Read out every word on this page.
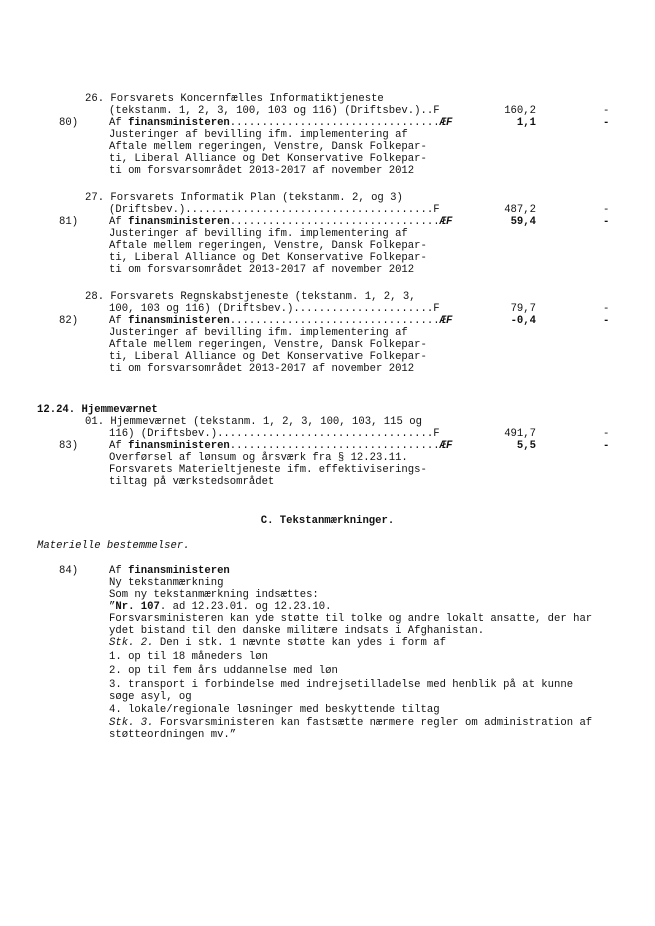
26. Forsvarets Koncernfælles Informatiktjeneste
(tekstanm. 1, 2, 3, 100, 103 og 116) (Driftsbev.)..F	160,2	-
80)	Af finansministeren.................................ÆF	1,1	-
Justeringer af bevilling ifm. implementering af
Aftale mellem regeringen, Venstre, Dansk Folkepar-
ti, Liberal Alliance og Det Konservative Folkepar-
ti om forsvarsområdet 2013-2017 af november 2012
27. Forsvarets Informatik Plan (tekstanm. 2, og 3)
(Driftsbev.).......................................F	487,2	-
81)	Af finansministeren.................................ÆF	59,4	-
Justeringer af bevilling ifm. implementering af
Aftale mellem regeringen, Venstre, Dansk Folkepar-
ti, Liberal Alliance og Det Konservative Folkepar-
ti om forsvarsområdet 2013-2017 af november 2012
28. Forsvarets Regnskabstjeneste (tekstanm. 1, 2, 3,
100, 103 og 116) (Driftsbev.)......................F	79,7	-
82)	Af finansministeren.................................ÆF	-0,4	-
Justeringer af bevilling ifm. implementering af
Aftale mellem regeringen, Venstre, Dansk Folkepar-
ti, Liberal Alliance og Det Konservative Folkepar-
ti om forsvarsområdet 2013-2017 af november 2012
12.24. Hjemmeværnet
01. Hjemmeværnet (tekstanm. 1, 2, 3, 100, 103, 115 og
116) (Driftsbev.)..................................F	491,7	-
83)	Af finansministeren.................................ÆF	5,5	-
Overførsel af lønsum og årsværk fra § 12.23.11.
Forsvarets Materieltjeneste ifm. effektiviserings-
tiltag på værkstedsområdet
C. Tekstanmærkninger.
Materielle bestemmelser.
84)	Af finansministeren
Ny tekstanmærkning
Som ny tekstanmærkning indsættes:
”Nr. 107. ad 12.23.01. og 12.23.10.
Forsvarsministeren kan yde støtte til tolke og andre lokalt ansatte, der har
ydet bistand til den danske militære indsats i Afghanistan.
Stk. 2. Den i stk. 1 nævnte støtte kan ydes i form af
1. op til 18 måneders løn
2. op til fem års uddannelse med løn
3. transport i forbindelse med indrejsetilladelse med henblik på at kunne
søge asyl, og
4. lokale/regionale løsninger med beskyttende tiltag
Stk. 3. Forsvarsministeren kan fastsætte nærmere regler om administration af
støtteordningen mv.”
